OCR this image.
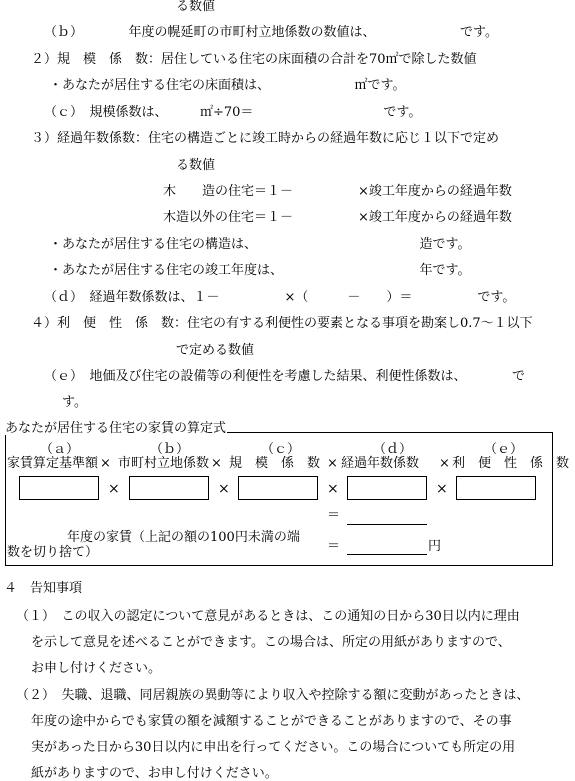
る数値
（ｂ）　　　　年度の幌延町の市町村立地係数の数値は、　　　　　　　です。
２）規　模　係　数：居住している住宅の床面積の合計を70㎡で除した数値
・あなたが居住する住宅の床面積は、　　　　　　　㎡です。
（ｃ）　規模係数は、　　　㎡÷70＝　　　　　　　　　　です。
３）経過年数係数：住宅の構造ごとに竣工時からの経過年数に応じ１以下で定め
る数値
木　　造の住宅＝１－　　　　　×竣工年度からの経過年数
木造以外の住宅＝１－　　　　　×竣工年度からの経過年数
・あなたが居住する住宅の構造は、　　　　　　　　　　　　　造です。
・あなたが居住する住宅の竣工年度は、　　　　　　　　　　　年です。
（ｄ）　経過年数係数は、１－　　　　　×（　　　－　　）＝　　　　　です。
４）利　便　性　係　数：住宅の有する利便性の要素となる事項を勘案し0.7～１以下
で定める数値
（ｅ）　地価及び住宅の設備等の利便性を考慮した結果、利便性係数は、　　　　で
す。
あなたが居住する住宅の家賃の算定式
（ａ）	（ｂ）	（ｃ）	（ｄ）	（ｅ）
家賃算定基準額 × 市町村立地係数 × 規　模　係　数 × 経過年数係数 × 利　便　性　係　数
×	×	×	×
＝
年度の家賃（上記の額の100円未満の端
数を切り捨て）	＝	円
４　告知事項
（１）　この収入の認定について意見があるときは、この通知の日から30日以内に理由
を示して意見を述べることができます。この場合は、所定の用紙がありますので、
お申し付けください。
（２）　失職、退職、同居親族の異動等により収入や控除する額に変動があったときは、
年度の途中からでも家賃の額を減額することができることがありますので、その事
実があった日から30日以内に申出を行ってください。この場合についても所定の用
紙がありますので、お申し付けください。
